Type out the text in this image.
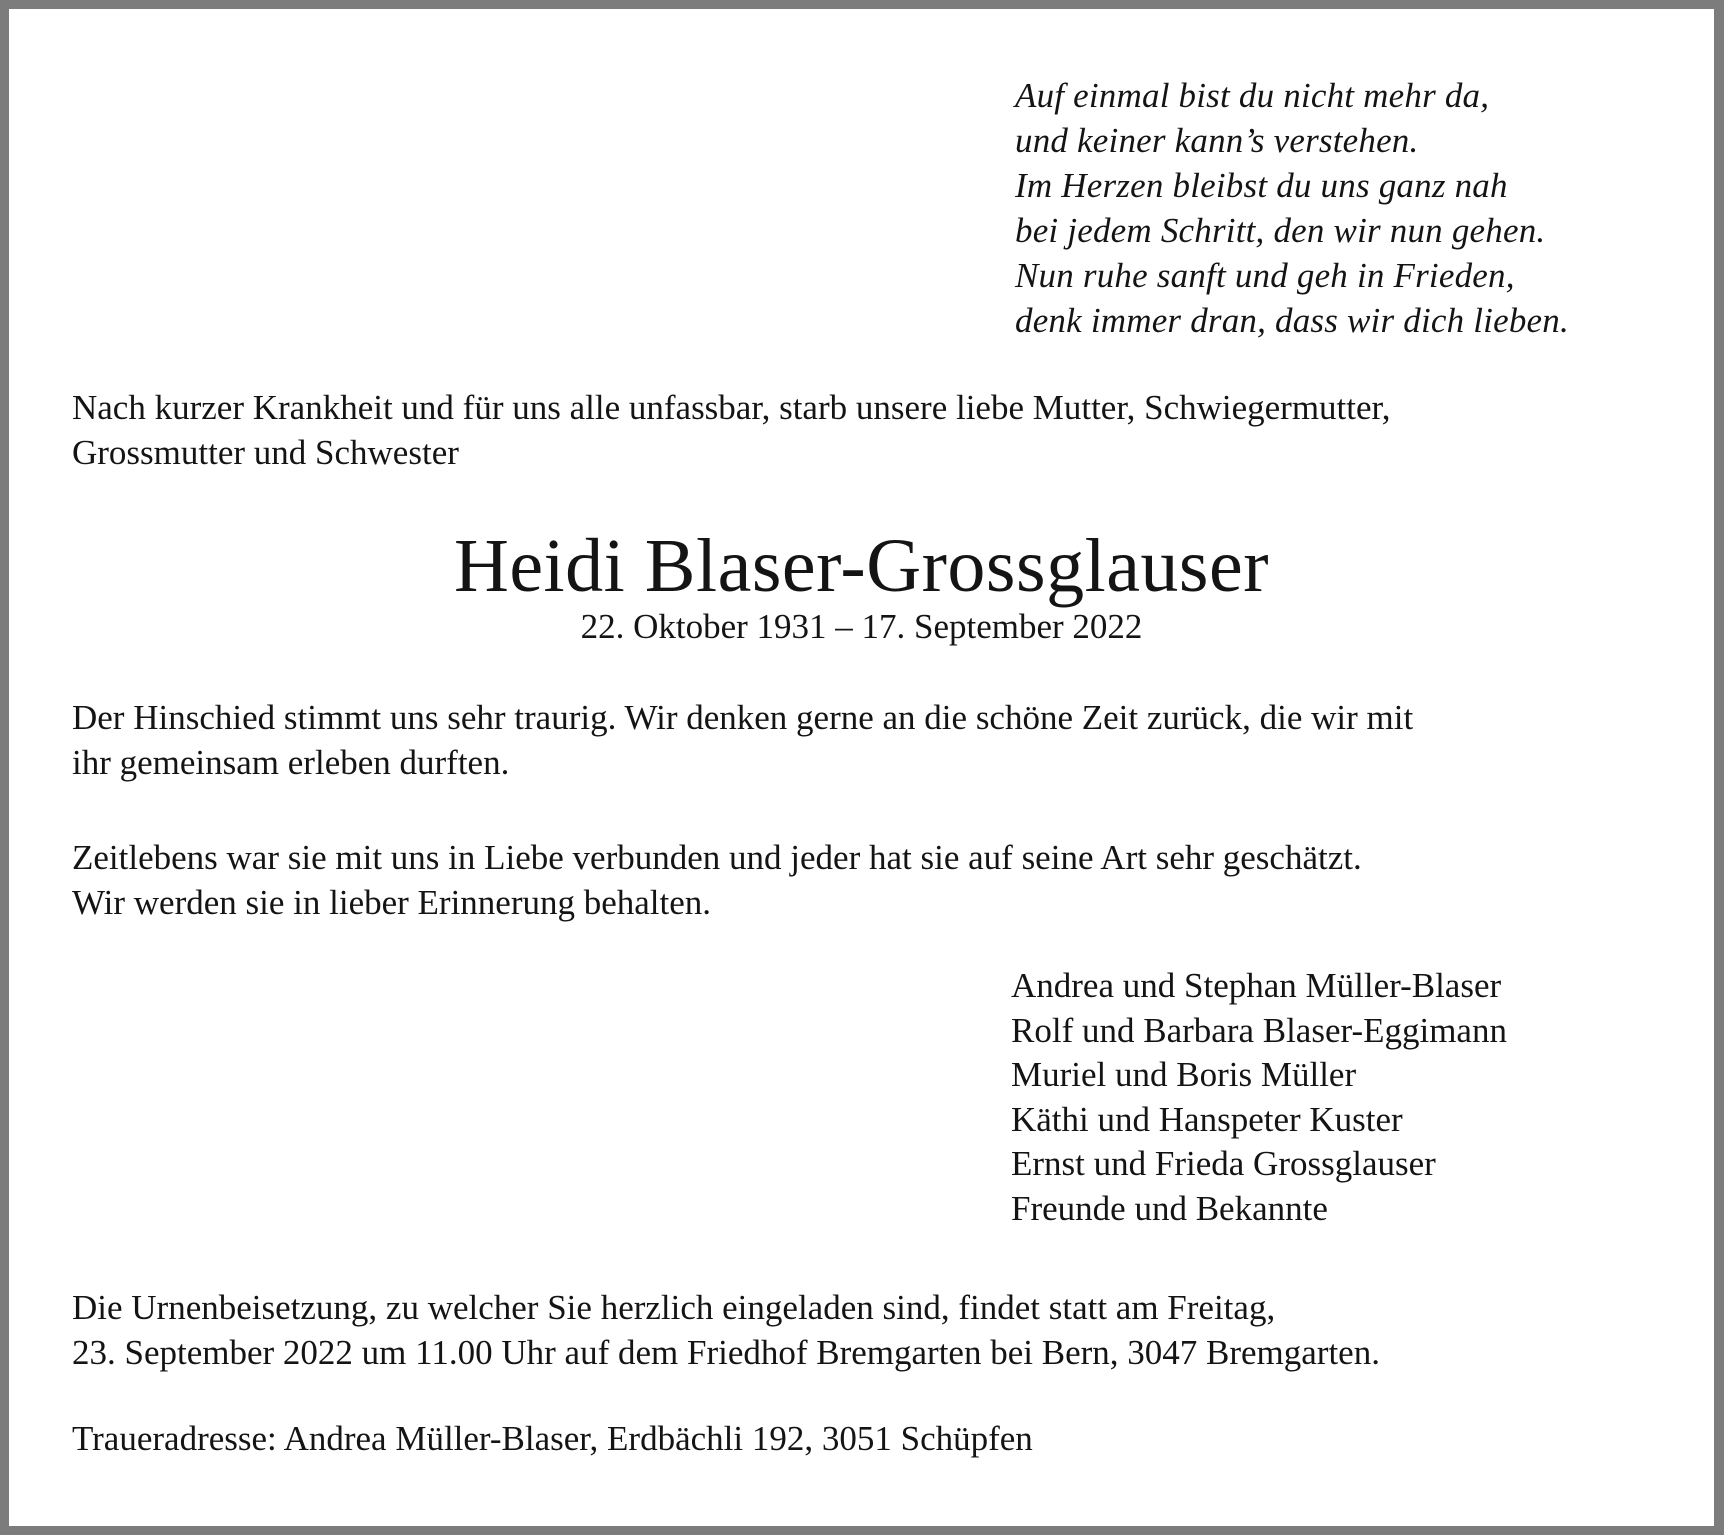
Auf einmal bist du nicht mehr da,
und keiner kann’s verstehen.
Im Herzen bleibst du uns ganz nah
bei jedem Schritt, den wir nun gehen.
Nun ruhe sanft und geh in Frieden,
denk immer dran, dass wir dich lieben.
Nach kurzer Krankheit und für uns alle unfassbar, starb unsere liebe Mutter, Schwiegermutter,
Grossmutter und Schwester
Heidi Blaser-Grossglauser
22. Oktober 1931 – 17. September 2022
Der Hinschied stimmt uns sehr traurig. Wir denken gerne an die schöne Zeit zurück, die wir mit
ihr gemeinsam erleben durften.
Zeitlebens war sie mit uns in Liebe verbunden und jeder hat sie auf seine Art sehr geschätzt.
Wir werden sie in lieber Erinnerung behalten.
Andrea und Stephan Müller-Blaser
Rolf und Barbara Blaser-Eggimann
Muriel und Boris Müller
Käthi und Hanspeter Kuster
Ernst und Frieda Grossglauser
Freunde und Bekannte
Die Urnenbeisetzung, zu welcher Sie herzlich eingeladen sind, findet statt am Freitag,
23. September 2022 um 11.00 Uhr auf dem Friedhof Bremgarten bei Bern, 3047 Bremgarten.
Traueradresse: Andrea Müller-Blaser, Erdbächli 192, 3051 Schüpfen
